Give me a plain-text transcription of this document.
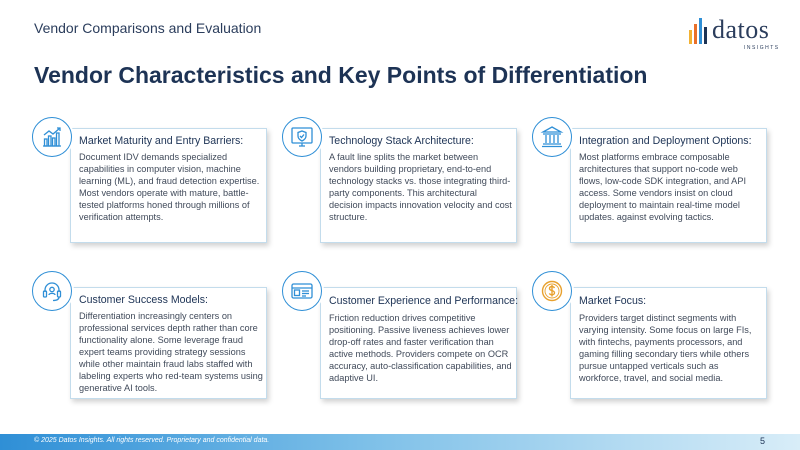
Vendor Comparisons and Evaluation	datos
INSIGHTS
Vendor Characteristics and Key Points of Differentiation
Market Maturity and Entry Barriers:
Document IDV demands specialized capabilities in computer vision, machine learning (ML), and fraud detection expertise. Most vendors operate with mature, battle-tested platforms honed through millions of verification attempts.
Technology Stack Architecture:
A fault line splits the market between vendors building proprietary, end-to-end technology stacks vs. those integrating third-party components. This architectural decision impacts innovation velocity and cost structure.
Integration and Deployment Options:
Most platforms embrace composable architectures that support no-code web flows, low-code SDK integration, and API access. Some vendors insist on cloud deployment to maintain real-time model updates. against evolving tactics.
Customer Success Models:
Differentiation increasingly centers on professional services depth rather than core functionality alone. Some leverage fraud expert teams providing strategy sessions while other maintain fraud labs staffed with labeling experts who red-team systems using generative AI tools.
Customer Experience and Performance:
Friction reduction drives competitive positioning. Passive liveness achieves lower drop-off rates and faster verification than active methods. Providers compete on OCR accuracy, auto-classification capabilities, and adaptive UI.
Market Focus:
Providers target distinct segments with varying intensity. Some focus on large FIs, with fintechs, payments processors, and gaming filling secondary tiers while others pursue untapped verticals such as workforce, travel, and social media.
© 2025 Datos Insights. All rights reserved. Proprietary and confidential data.	5
